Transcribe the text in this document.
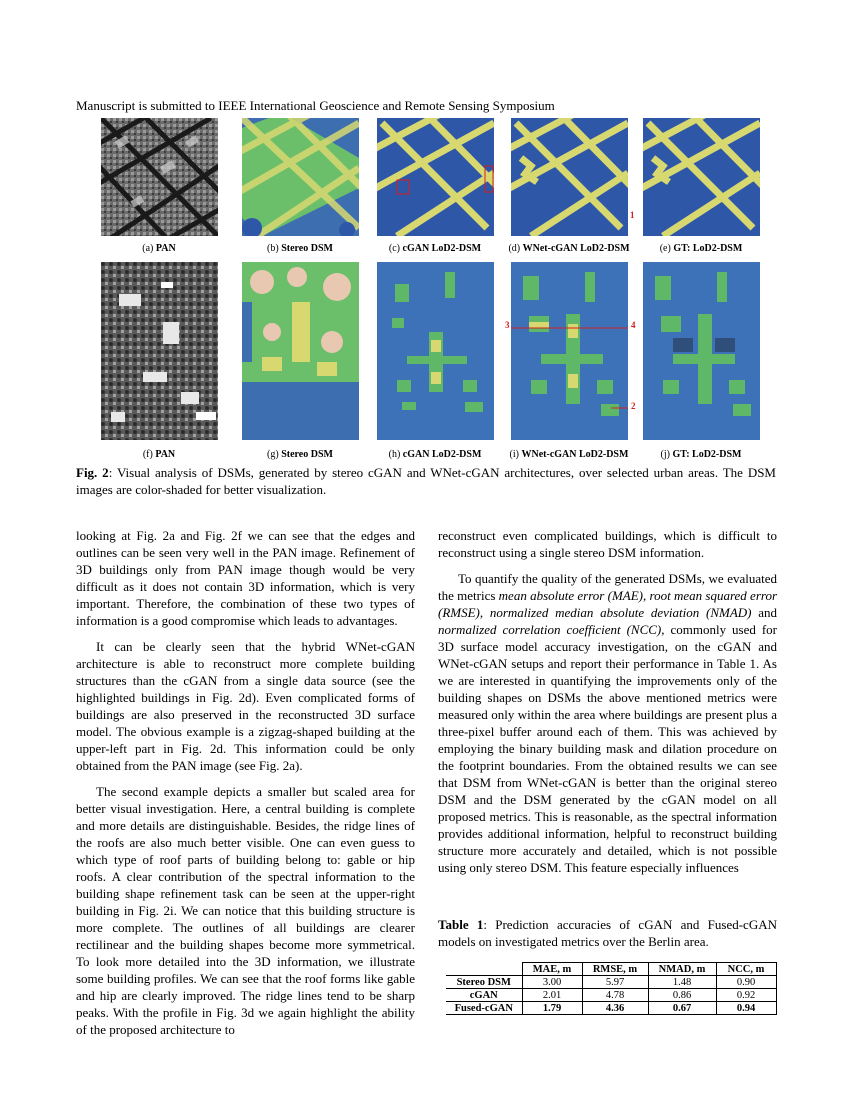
Manuscript is submitted to IEEE International Geoscience and Remote Sensing Symposium
1
(a) PAN	(b) Stereo DSM	(c) cGAN LoD2-DSM	(d) WNet-cGAN LoD2-DSM	(e) GT: LoD2-DSM
3	4
2
(f) PAN	(g) Stereo DSM	(h) cGAN LoD2-DSM	(i) WNet-cGAN LoD2-DSM	(j) GT: LoD2-DSM
Fig. 2: Visual analysis of DSMs, generated by stereo cGAN and WNet-cGAN architectures, over selected urban areas. The DSM images are color-shaded for better visualization.

looking at Fig. 2a and Fig. 2f we can see that the edges and outlines can be seen very well in the PAN image. Refinement of 3D buildings only from PAN image though would be very difficult as it does not contain 3D information, which is very important. Therefore, the combination of these two types of information is a good compromise which leads to advantages.

It can be clearly seen that the hybrid WNet-cGAN architecture is able to reconstruct more complete building structures than the cGAN from a single data source (see the highlighted buildings in Fig. 2d). Even complicated forms of buildings are also preserved in the reconstructed 3D surface model. The obvious example is a zigzag-shaped building at the upper-left part in Fig. 2d. This information could be only obtained from the PAN image (see Fig. 2a).

The second example depicts a smaller but scaled area for better visual investigation. Here, a central building is complete and more details are distinguishable. Besides, the ridge lines of the roofs are also much better visible. One can even guess to which type of roof parts of building belong to: gable or hip roofs. A clear contribution of the spectral information to the building shape refinement task can be seen at the upper-right building in Fig. 2i. We can notice that this building structure is more complete. The outlines of all buildings are clearer rectilinear and the building shapes become more symmetrical. To look more detailed into the 3D information, we illustrate some building profiles. We can see that the roof forms like gable and hip are clearly improved. The ridge lines tend to be sharp peaks. With the profile in Fig. 3d we again highlight the ability of the proposed architecture to

reconstruct even complicated buildings, which is difficult to reconstruct using a single stereo DSM information.

To quantify the quality of the generated DSMs, we evaluated the metrics mean absolute error (MAE), root mean squared error (RMSE), normalized median absolute deviation (NMAD) and normalized correlation coefficient (NCC), commonly used for 3D surface model accuracy investigation, on the cGAN and WNet-cGAN setups and report their performance in Table 1. As we are interested in quantifying the improvements only of the building shapes on DSMs the above mentioned metrics were measured only within the area where buildings are present plus a three-pixel buffer around each of them. This was achieved by employing the binary building mask and dilation procedure on the footprint boundaries. From the obtained results we can see that DSM from WNet-cGAN is better than the original stereo DSM and the DSM generated by the cGAN model on all proposed metrics. This is reasonable, as the spectral information provides additional information, helpful to reconstruct building structure more accurately and detailed, which is not possible using only stereo DSM. This feature especially influences

Table 1: Prediction accuracies of cGAN and Fused-cGAN models on investigated metrics over the Berlin area.
	MAE, m	RMSE, m	NMAD, m	NCC, m
Stereo DSM	3.00	5.97	1.48	0.90
cGAN	2.01	4.78	0.86	0.92
Fused-cGAN	1.79	4.36	0.67	0.94
